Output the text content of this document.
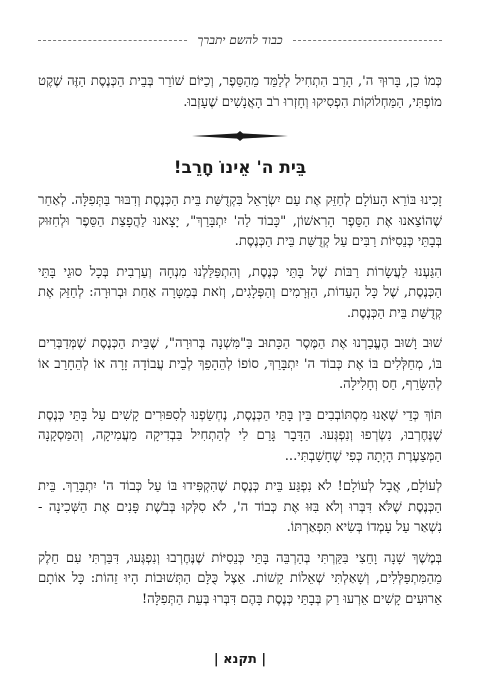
כבוד להשם יתברך

כְּמוֹ כֵן, בָּרוּךְ ה', הָרַב הִתְחִיל לְלַמֵּד מֵהַסֵּפֶר, וְכַיּוֹם שׁוֹרֵר בְּבֵית הַכְּנֶסֶת הַזֶּה שֶׁקֶט מוֹפְתִּי, הַמַּחְלוֹקוֹת הִפְסִיקוּ וְחָזְרוּ רֹב הָאֲנָשִׁים שֶׁעָזְבוּ.

בֵּית ה' אֵינוֹ חָרֵב!

זָכִינוּ בּוֹרֵא הָעוֹלָם לְחַזֵּק אֶת עַם יִשְׂרָאֵל בִּקְדֻשַּׁת בֵּית הַכְּנֶסֶת וְדִבּוּר בַּתְּפִלָּה. לְאַחַר שֶׁהוֹצֵאנוּ אֶת הַסֵּפֶר הָרִאשׁוֹן, "כָּבוֹד לַה' יִתְבָּרַךְ", יָצָאנוּ לַהֲפָצַת הַסֵּפֶר וּלְחִזּוּק בְּבָתֵּי כְּנֵסִיּוֹת רַבִּים עַל קְדֻשַּׁת בֵּית הַכְּנֶסֶת.

הִגַּעְנוּ לַעֲשָׂרוֹת רַבּוֹת שֶׁל בָּתֵּי כְּנֶסֶת, וְהִתְפַּלַּלְנוּ מִנְחָה וְעַרְבִית בְּכָל סוּגֵי בָּתֵּי הַכְּנֶסֶת, שֶׁל כָּל הָעֵדוֹת, הַזְּרָמִים וְהַפְּלָגִים, וְזֹאת בְּמַטָּרָה אַחַת וּבְרוּרָה: לְחַזֵּק אֶת קְדֻשַּׁת בֵּית הַכְּנֶסֶת.

שׁוּב וָשׁוּב הֶעֱבַרְנוּ אֶת הַמֶּסֶר הַכָּתוּב בַּ"מִּשְׁנָה בְּרוּרָה", שֶׁבֵּית הַכְּנֶסֶת שֶׁמְּדַבְּרִים בּוֹ, מְחַלְּלִים בּוֹ אֶת כְּבוֹד ה' יִתְבָּרַךְ, סוֹפוֹ לְהֵהָפֵךְ לְבֵית עֲבוֹדָה זָרָה אוֹ לְהֵחָרֵב אוֹ לְהִשָּׂרֵף, חַס וְחָלִילָה.

תּוֹךְ כְּדֵי שֶׁאָנוּ מִסְתּוֹבְבִים בֵּין בָּתֵּי הַכְּנֶסֶת, נֶחְשַׂפְנוּ לְסִפּוּרִים קָשִׁים עַל בָּתֵּי כְּנֶסֶת שֶׁנֶּחֶרְבוּ, נִשְׂרְפוּ וְנִפְגְּעוּ. הַדָּבָר גָּרַם לִי לְהַתְחִיל בִּבְדִיקָה מַעֲמִיקָה, וְהַמַּסְקָנָה הַמְּצַעֶרֶת הָיְתָה כְּפִי שֶׁחָשַׁבְתִּי...

לְעוֹלָם, אֲבָל לְעוֹלָם! לֹא נִפְגַּע בֵּית כְּנֶסֶת שֶׁהִקְפִּידוּ בּוֹ עַל כְּבוֹד ה' יִתְבָּרַךְ. בֵּית הַכְּנֶסֶת שֶׁלֹּא דִּבְּרוּ וְלֹא בִּזּוּ אֶת כְּבוֹד ה', לֹא סִלְּקוּ בְּבֹשֶׁת פָּנִים אֶת הַשְּׁכִינָה - נִשְׁאַר עַל עָמְדוֹ בְּשִׂיא תִּפְאַרְתּוֹ.

בְּמֶשֶׁךְ שָׁנָה וָחֵצִי בִּקַּרְתִּי בְּהַרְבֵּה בָּתֵּי כְּנֵסִיּוֹת שֶׁנֶּחֶרְבוּ וְנִפְגְּעוּ, דִּבַּרְתִּי עִם חֵלֶק מֵהַמִּתְפַּלְּלִים, וְשָׁאַלְתִּי שְׁאֵלוֹת קָשׁוֹת. אֵצֶל כֻּלָּם הַתְּשׁוּבוֹת הָיוּ זֵהוֹת: כָּל אוֹתָם אֵרוּעִים קָשִׁים אֵרְעוּ רַק בְּבָתֵּי כְּנֶסֶת בָּהֶם דִּבְּרוּ בְּעֵת הַתְּפִלָּה!

| תקנא |
